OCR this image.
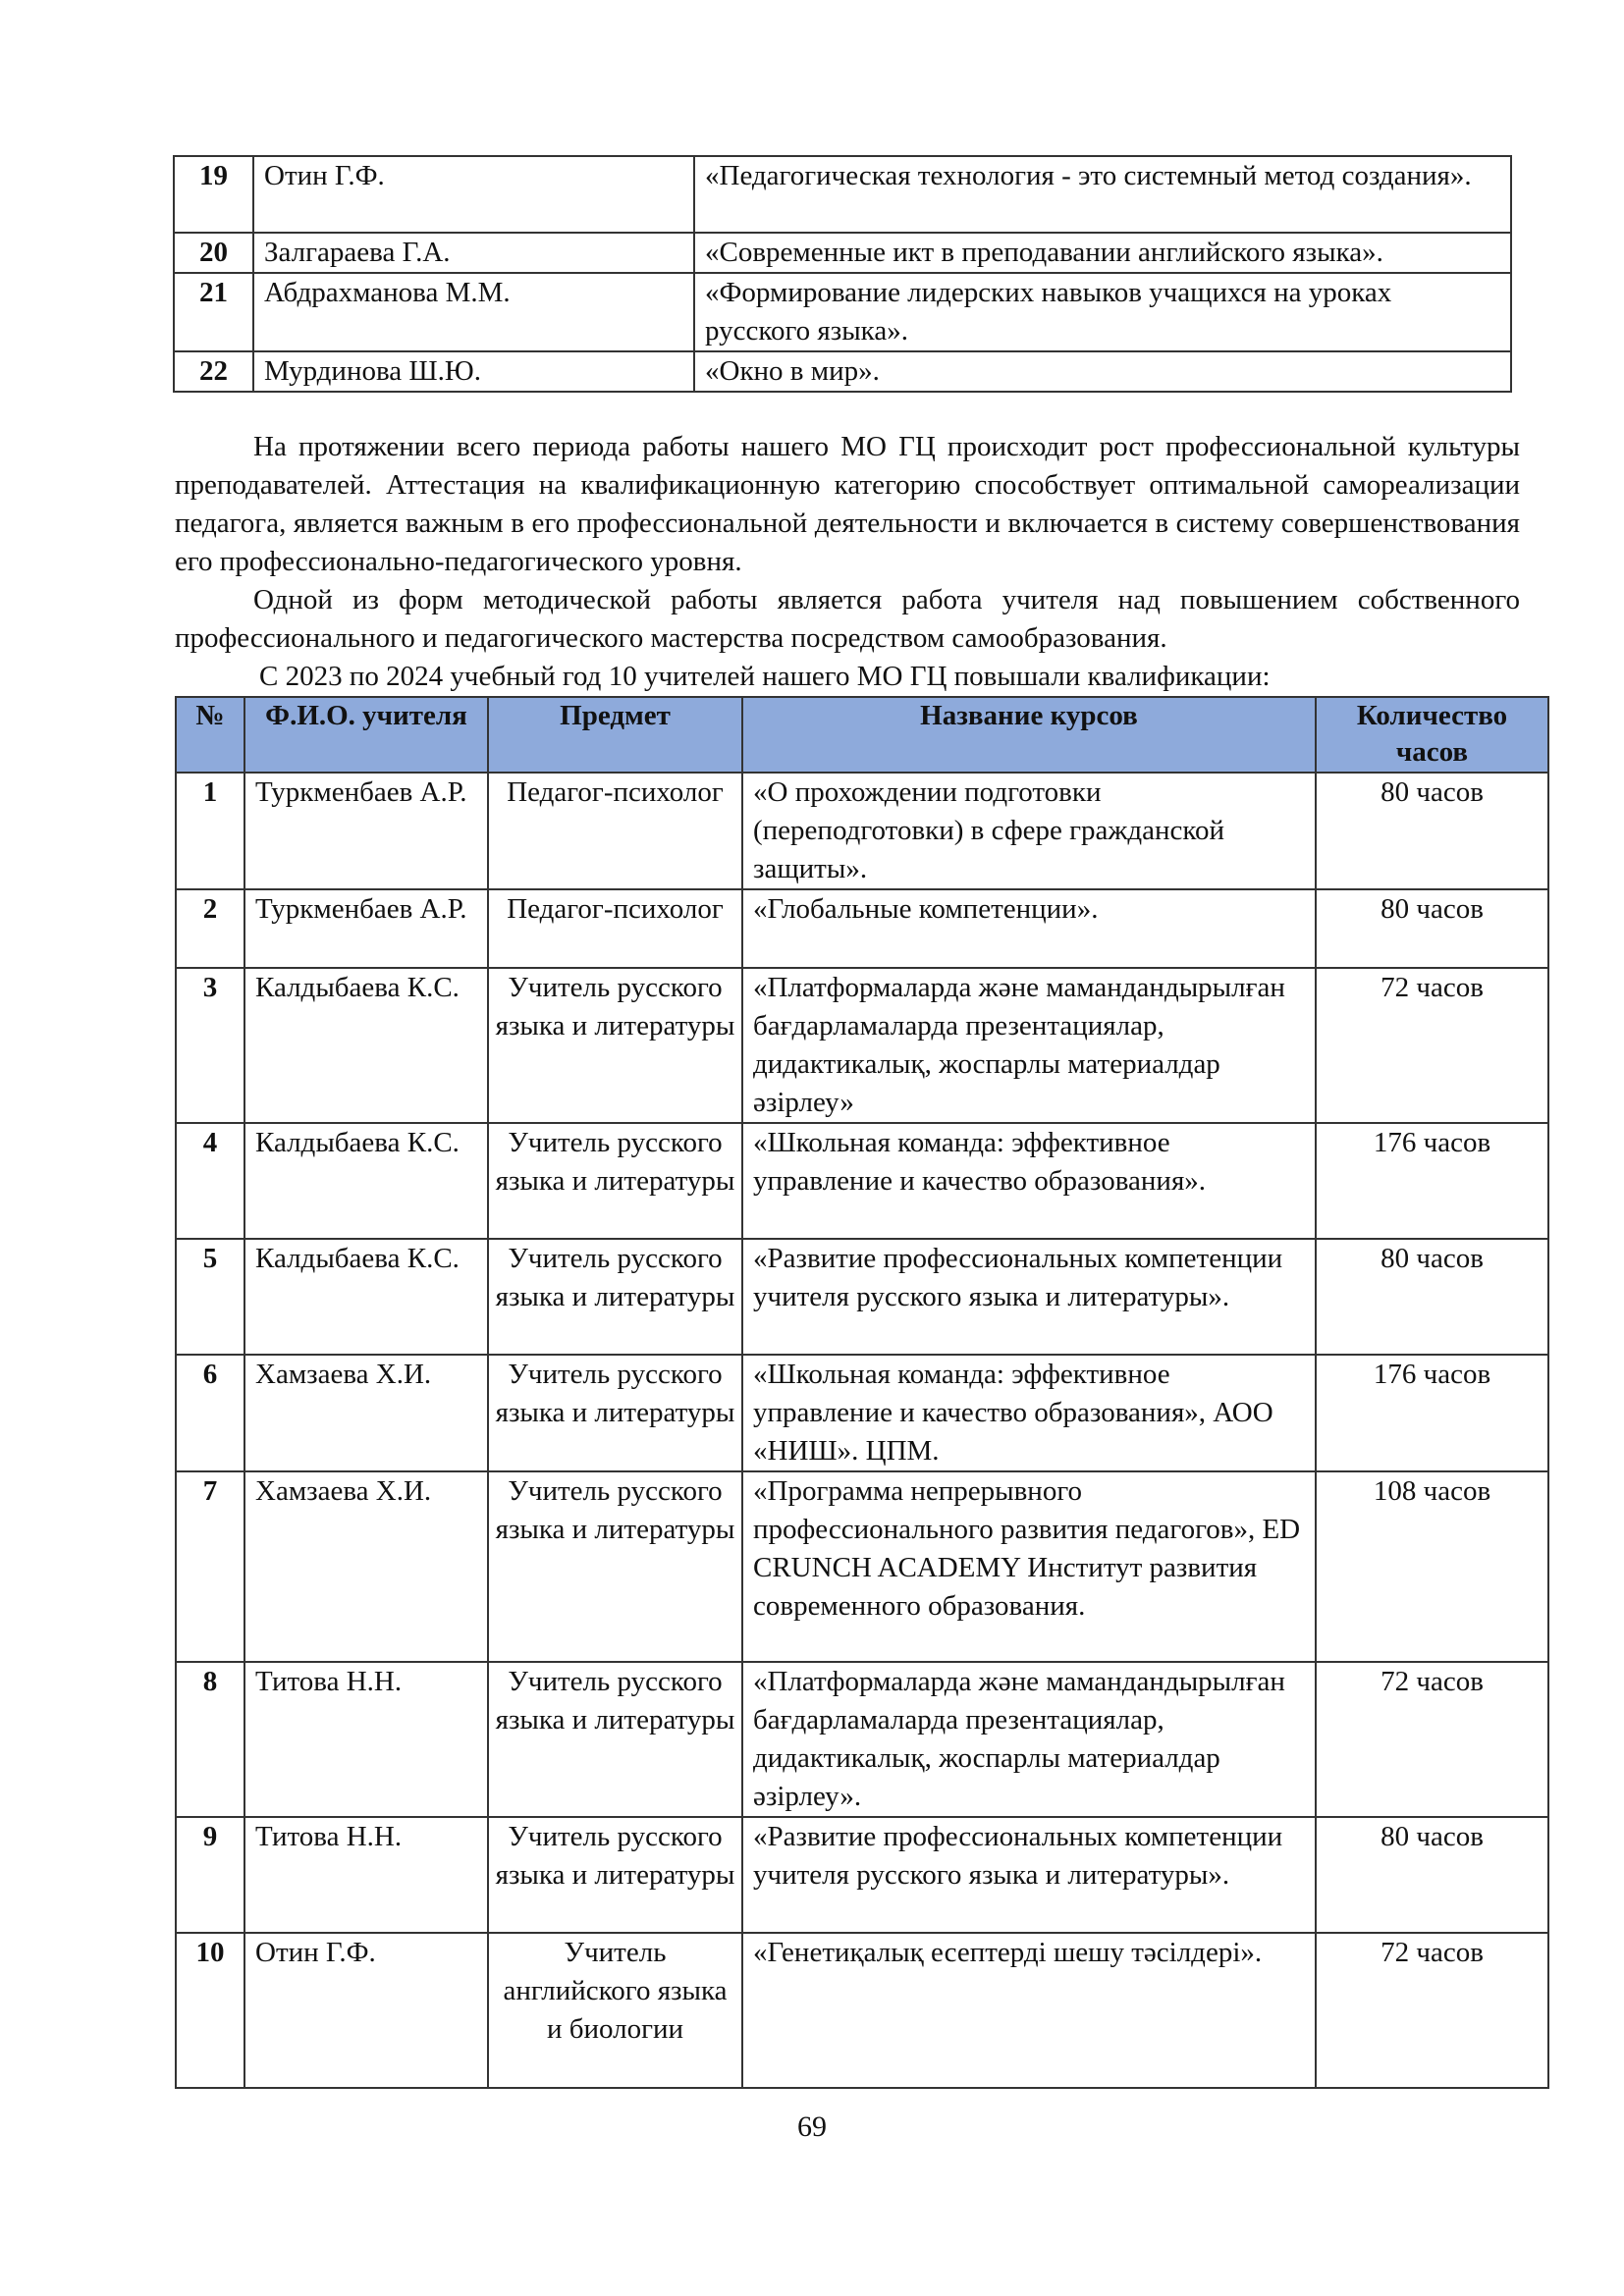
19	Отин Г.Ф.	«Педагогическая технология - это системный метод создания».
20	Залгараева Г.А.	«Современные икт в преподавании английского языка».
21	Абдрахманова М.М.	«Формирование лидерских навыков учащихся на уроках русского языка».
22	Мурдинова Ш.Ю.	«Окно в мир».

На протяжении всего периода работы нашего МО ГЦ происходит рост профессиональной культуры преподавателей. Аттестация на квалификационную категорию способствует оптимальной самореализации педагога, является важным в его профессиональной деятельности и включается в систему совершенствования его профессионально-педагогического уровня.

Одной из форм методической работы является работа учителя над повышением собственного профессионального и педагогического мастерства посредством самообразования.

С 2023 по 2024 учебный год 10 учителей нашего МО ГЦ повышали квалификации:

№	Ф.И.О. учителя	Предмет	Название курсов	Количество часов
1	Туркменбаев А.Р.	Педагог-психолог	«О прохождении подготовки (переподготовки) в сфере гражданской защиты».	80 часов
2	Туркменбаев А.Р.	Педагог-психолог	«Глобальные компетенции».	80 часов
3	Калдыбаева К.С.	Учитель русского языка и литературы	«Платформаларда және мамандандырылған бағдарламаларда презентациялар, дидактикалық, жоспарлы материалдар әзірлеу»	72 часов
4	Калдыбаева К.С.	Учитель русского языка и литературы	«Школьная команда: эффективное управление и качество образования».	176 часов
5	Калдыбаева К.С.	Учитель русского языка и литературы	«Развитие профессиональных компетенции учителя русского языка и литературы».	80 часов
6	Хамзаева Х.И.	Учитель русского языка и литературы	«Школьная команда: эффективное управление и качество образования», АОО «НИШ». ЦПМ.	176 часов
7	Хамзаева Х.И.	Учитель русского языка и литературы	«Программа непрерывного профессионального развития педагогов», ED CRUNCH ACADEMY Институт развития современного образования.	108 часов
8	Титова Н.Н.	Учитель русского языка и литературы	«Платформаларда және мамандандырылған бағдарламаларда презентациялар, дидактикалық, жоспарлы материалдар әзірлеу».	72 часов
9	Титова Н.Н.	Учитель русского языка и литературы	«Развитие профессиональных компетенции учителя русского языка и литературы».	80 часов
10	Отин Г.Ф.	Учитель английского языка и биологии	«Генетиқалық есептерді шешу тәсілдері».	72 часов
69
